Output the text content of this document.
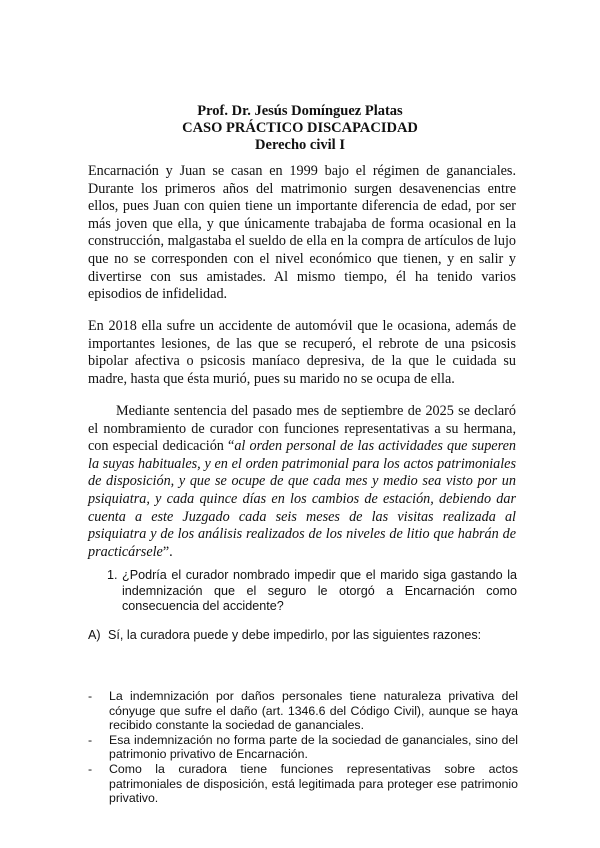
Prof. Dr. Jesús Domínguez Platas
CASO PRÁCTICO DISCAPACIDAD
Derecho civil I

Encarnación y Juan se casan en 1999 bajo el régimen de gananciales. Durante los primeros años del matrimonio surgen desavenencias entre ellos, pues Juan con quien tiene un importante diferencia de edad, por ser más joven que ella, y que únicamente trabajaba de forma ocasional en la construcción, malgastaba el sueldo de ella en la compra de artículos de lujo que no se corresponden con el nivel económico que tienen, y en salir y divertirse con sus amistades. Al mismo tiempo, él ha tenido varios episodios de infidelidad.

En 2018 ella sufre un accidente de automóvil que le ocasiona, además de importantes lesiones, de las que se recuperó, el rebrote de una psicosis bipolar afectiva o psicosis maníaco depresiva, de la que le cuidada su madre, hasta que ésta murió, pues su marido no se ocupa de ella.

Mediante sentencia del pasado mes de septiembre de 2025 se declaró el nombramiento de curador con funciones representativas a su hermana, con especial dedicación “al orden personal de las actividades que superen la suyas habituales, y en el orden patrimonial para los actos patrimoniales de disposición, y que se ocupe de que cada mes y medio sea visto por un psiquiatra, y cada quince días en los cambios de estación, debiendo dar cuenta a este Juzgado cada seis meses de las visitas realizada al psiquiatra y de los análisis realizados de los niveles de litio que habrán de practicársele”.

1. ¿Podría el curador nombrado impedir que el marido siga gastando la indemnización que el seguro le otorgó a Encarnación como consecuencia del accidente?
A) Sí, la curadora puede y debe impedirlo, por las siguientes razones:
-	La indemnización por daños personales tiene naturaleza privativa del cónyuge que sufre el daño (art. 1346.6 del Código Civil), aunque se haya recibido constante la sociedad de gananciales.
-	Esa indemnización no forma parte de la sociedad de gananciales, sino del patrimonio privativo de Encarnación.
-	Como la curadora tiene funciones representativas sobre actos patrimoniales de disposición, está legitimada para proteger ese patrimonio privativo.
